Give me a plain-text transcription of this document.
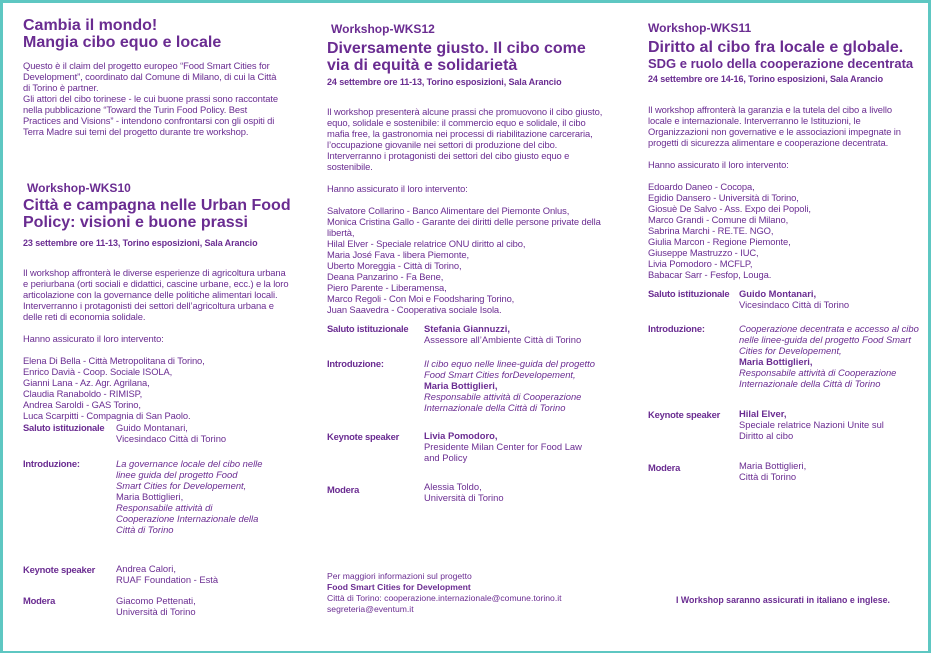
Cambia il mondo!
Mangia cibo equo e locale
Questo è il claim del progetto europeo “Food Smart Cities for Development”, coordinato dal Comune di Milano, di cui la Città di Torino è partner.
Gli attori del cibo torinese - le cui buone prassi sono raccontate nella pubblicazione “Toward the Turin Food Policy. Best Practices and Visions” - intendono confrontarsi con gli ospiti di Terra Madre sui temi del progetto durante tre workshop.
Workshop-WKS10
Città e campagna nelle Urban Food Policy: visioni e buone prassi
23 settembre ore 11-13, Torino esposizioni, Sala Arancio

Il workshop affronterà le diverse esperienze di agricoltura urbana e periurbana (orti sociali e didattici, cascine urbane, ecc.) e la loro articolazione con la governance delle politiche alimentari locali. Interverranno i protagonisti dei settori dell’agricoltura urbana e delle reti di economia solidale.

Hanno assicurato il loro intervento:

Elena Di Bella - Città Metropolitana di Torino,
Enrico Davià - Coop. Sociale ISOLA,
Gianni Lana - Az. Agr. Agrilana,
Claudia Ranaboldo - RIMISP,
Andrea Saroldi - GAS Torino,
Luca Scarpitti - Compagnia di San Paolo.

Saluto istituzionale Guido Montanari,
Vicesindaco Città di Torino
Introduzione:	La governance locale del cibo nelle linee guida del progetto Food Smart Cities for Developement,
Maria Bottiglieri,
Responsabile attività di Cooperazione Internazionale della Città di Torino
Keynote speaker Andrea Calori,
RUAF Foundation - Està
Modera	Giacomo Pettenati,
Università di Torino
Workshop-WKS12
Diversamente giusto. Il cibo come via di equità e solidarietà
24 settembre ore 11-13, Torino esposizioni, Sala Arancio

Il workshop presenterà alcune prassi che promuovono il cibo giusto, equo, solidale e sostenibile: il commercio equo e solidale, il cibo mafia free, la gastronomia nei processi di riabilitazione carceraria, l’occupazione giovanile nei settori di produzione del cibo.
Interverranno i protagonisti dei settori del cibo giusto equo e sostenibile.

Hanno assicurato il loro intervento:

Salvatore Collarino - Banco Alimentare del Piemonte Onlus,
Monica Cristina Gallo - Garante dei diritti delle persone private della libertà,
Hilal Elver - Speciale relatrice ONU diritto al cibo,
Maria José Fava - libera Piemonte,
Uberto Moreggia - Città di Torino,
Deana Panzarino - Fa Bene,
Piero Parente - Liberamensa,
Marco Regoli - Con Moi e Foodsharing Torino,
Juan Saavedra - Cooperativa sociale Isola.

Saluto istituzionale Stefania Giannuzzi,
Assessore all’Ambiente Città di Torino
Introduzione:	Il cibo equo nelle linee-guida del progetto Food Smart Cities forDevelopement,
Maria Bottiglieri,
Responsabile attività di Cooperazione Internazionale della Città di Torino
Keynote speaker	Livia Pomodoro,
Presidente Milan Center for Food Law and Policy
Modera	Alessia Toldo,
Università di Torino
Per maggiori informazioni sul progetto
Food Smart Cities for Development
Città di Torino: cooperazione.internazionale@comune.torino.it
segreteria@eventum.it
Workshop-WKS11
Diritto al cibo fra locale e globale.
SDG e ruolo della cooperazione decentrata
24 settembre ore 14-16, Torino esposizioni, Sala Arancio

Il workshop affronterà la garanzia e la tutela del cibo a livello locale e internazionale. Interverranno le Istituzioni, le Organizzazioni non governative e le associazioni impegnate in progetti di sicurezza alimentare e cooperazione decentrata.

Hanno assicurato il loro intervento:

Edoardo Daneo - Cocopa,
Egidio Dansero - Università di Torino,
Giosuè De Salvo - Ass. Expo dei Popoli,
Marco Grandi - Comune di Milano,
Sabrina Marchi - RE.TE. NGO,
Giulia Marcon - Regione Piemonte,
Giuseppe Mastruzzo - IUC,
Livia Pomodoro - MCFLP,
Babacar Sarr - Fesfop, Louga.

Saluto istituzionale Guido Montanari,
Vicesindaco Città di Torino
Introduzione:	Cooperazione decentrata e accesso al cibo nelle linee-guida del progetto Food Smart Cities for Developement,
Maria Bottiglieri,
Responsabile attività di Cooperazione Internazionale della Città di Torino
Keynote speaker Hilal Elver,
Speciale relatrice Nazioni Unite sul Diritto al cibo
Modera	Maria Bottiglieri,
Città di Torino
I Workshop saranno assicurati in italiano e inglese.
